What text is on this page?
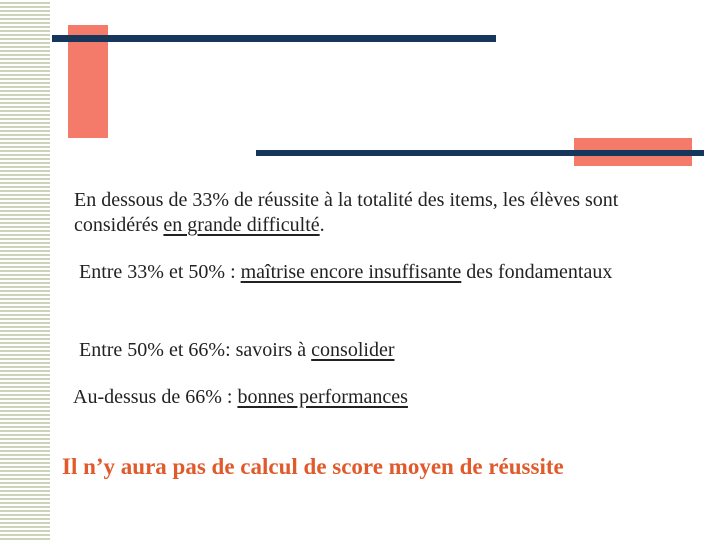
En dessous de 33% de réussite à la totalité des items, les élèves sont considérés en grande difficulté.

Entre 33% et 50% : maîtrise encore insuffisante des fondamentaux

Entre 50% et 66%: savoirs à consolider

Au-dessus de 66% : bonnes performances

Il n’y aura pas de calcul de score moyen de réussite
